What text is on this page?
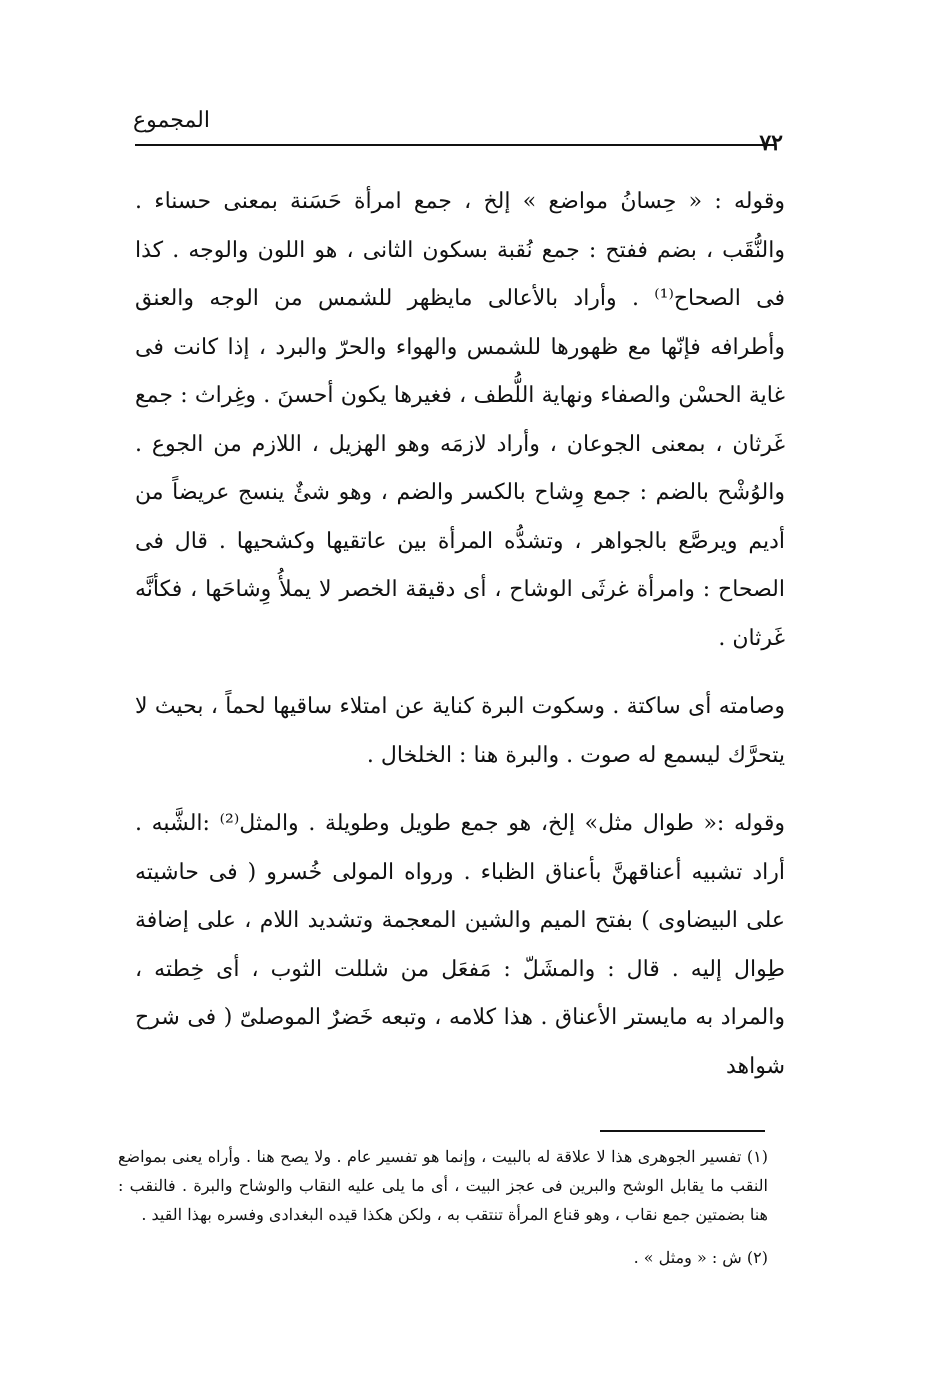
المجموع
٧٢

وقوله : « حِسانُ مواضع » إلخ ، جمع امرأة حَسَنة بمعنى حسناء . والنُّقَب ، بضم ففتح : جمع نُقبة بسكون الثانى ، هو اللون والوجه . كذا فى الصحاح⁽¹⁾ . وأراد بالأعالى مايظهر للشمس من الوجه والعنق وأطرافه فإنّها مع ظهورها للشمس والهواء والحرّ والبرد ، إذا كانت فى غاية الحسْن والصفاء ونهاية اللُّطف ، فغيرها يكون أحسنَ . وغِراث : جمع غَرثان ، بمعنى الجوعان ، وأراد لازمَه وهو الهزيل ، اللازم من الجوع . والوُشْح بالضم : جمع وِشاح بالكسر والضم ، وهو شئٌ ينسج عريضاً من أديم ويرصَّع بالجواهر ، وتشدُّه المرأة بين عاتقيها وكشحيها . قال فى الصحاح : وامرأة غرثَى الوشاح ، أى دقيقة الخصر لا يملأُ وِشاحَها ، فكأنَّه غَرثان .

وصامته أى ساكتة . وسكوت البرة كناية عن امتلاء ساقيها لحماً ، بحيث لا يتحرَّك ليسمع له صوت . والبرة هنا : الخلخال .

وقوله :« طوال مثل» إلخ، هو جمع طويل وطويلة . والمثل⁽²⁾ :الشَّبه . أراد تشبيه أعناقهنَّ بأعناق الظباء . ورواه المولى خُسرو ( فى حاشيته على البيضاوى ) بفتح الميم والشين المعجمة وتشديد اللام ، على إضافة طِوال إليه . قال : والمشَلّ : مَفعَل من شللت الثوب ، أى خِطته ، والمراد به مايستر الأعناق . هذا كلامه ، وتبعه خَضرٌ الموصلىّ ( فى شرح شواهد

(١) تفسير الجوهرى هذا لا علاقة له بالبيت ، وإنما هو تفسير عام . ولا يصح هنا . وأراه يعنى بمواضع النقب ما يقابل الوشح والبرين فى عجز البيت ، أى ما يلى عليه النقاب والوشاح والبرة . فالنقب : هنا بضمتين جمع نقاب ، وهو قناع المرأة تنتقب به ، ولكن هكذا قيده البغدادى وفسره بهذا القيد .

(٢) ش : « ومثل » .
